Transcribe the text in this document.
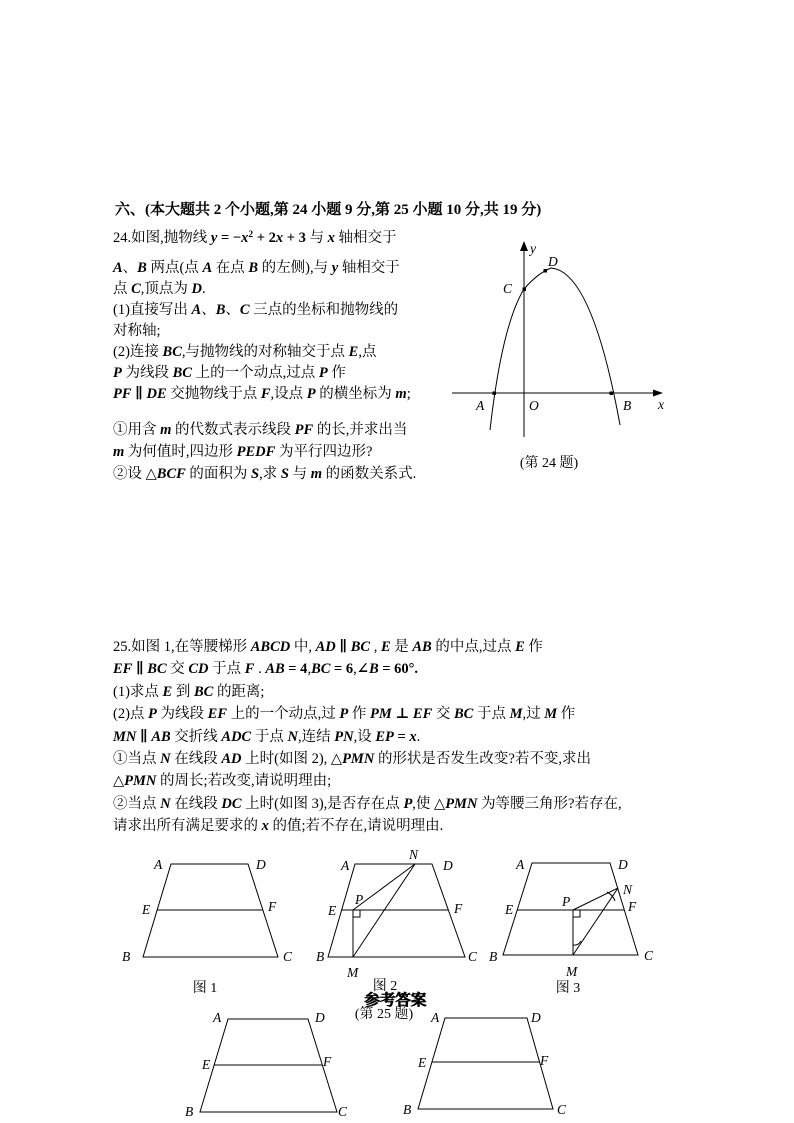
六、(本大题共 2 个小题,第 24 小题 9 分,第 25 小题 10 分,共 19 分)
24.如图,抛物线 $y = -x^2 + 2x + 3$ 与 x 轴相交于
A、B 两点(点 A 在点 B 的左侧),与 y 轴相交于
点 C,顶点为 D.
(1)直接写出 A、B、C 三点的坐标和抛物线的
对称轴;
(2)连接 BC,与抛物线的对称轴交于点 E,点
P 为线段 BC 上的一个动点,过点 P 作
PF ∥ DE 交抛物线于点 F,设点 P 的横坐标为 m;
①用含 m 的代数式表示线段 PF 的长,并求出当
m 为何值时,四边形 PEDF 为平行四边形?
②设 △BCF 的面积为 S,求 S 与 m 的函数关系式.
y
D
C
A	O	B x
(第 24 题)
25.如图 1,在等腰梯形 ABCD 中, AD ∥ BC , E 是 AB 的中点,过点 E 作
EF ∥ BC 交 CD 于点 F . AB = 4,BC = 6,∠B = 60°.
(1)求点 E 到 BC 的距离;
(2)点 P 为线段 EF 上的一个动点,过 P 作 PM ⊥ EF 交 BC 于点 M,过 M 作
MN ∥ AB 交折线 ADC 于点 N,连结 PN,设 EP = x.
①当点 N 在线段 AD 上时(如图 2), △PMN 的形状是否发生改变?若不变,求出
△PMN 的周长;若改变,请说明理由;
②当点 N 在线段 DC 上时(如图 3),是否存在点 P,使 △PMN 为等腰三角形?若存在,
请求出所有满足要求的 x 的值;若不存在,请说明理由.
A	D
E	F
B	C
图 1
A
N
D
E
P
F
B
M
C
图 2
A	D
N
E
P	F
B
M
C
图 3
参考答案
(第 25 题)
A	D
E	F
B	C
A	D
E	F
B	C
